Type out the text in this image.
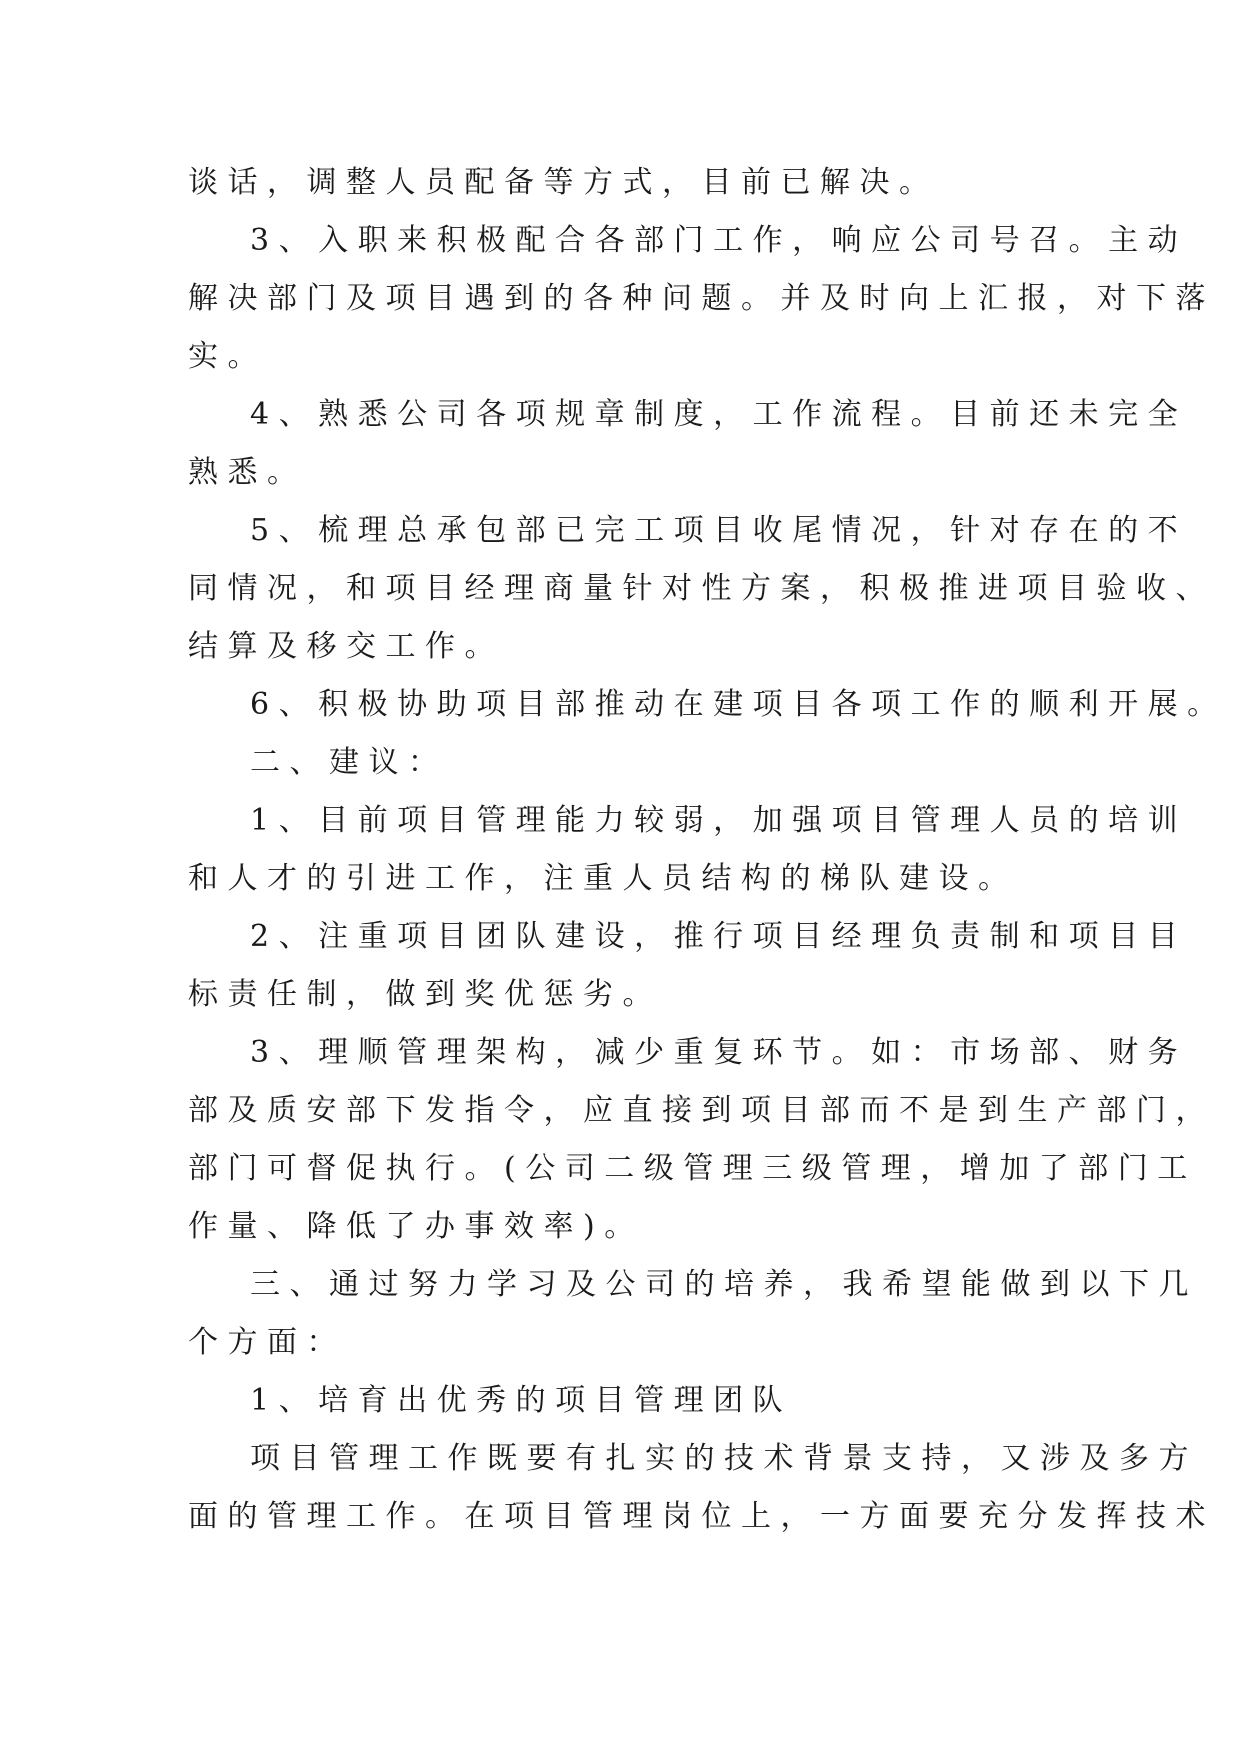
谈话，调整人员配备等方式，目前已解决。

3、入职来积极配合各部门工作，响应公司号召。主动

解决部门及项目遇到的各种问题。并及时向上汇报，对下落

实。

4、熟悉公司各项规章制度，工作流程。目前还未完全

熟悉。

5、梳理总承包部已完工项目收尾情况，针对存在的不

同情况，和项目经理商量针对性方案，积极推进项目验收、

结算及移交工作。

6、积极协助项目部推动在建项目各项工作的顺利开展。

二、建议：

1、目前项目管理能力较弱，加强项目管理人员的培训

和人才的引进工作，注重人员结构的梯队建设。

2、注重项目团队建设，推行项目经理负责制和项目目

标责任制，做到奖优惩劣。

3、理顺管理架构，减少重复环节。如：市场部、财务

部及质安部下发指令，应直接到项目部而不是到生产部门，

部门可督促执行。(公司二级管理三级管理，增加了部门工

作量、降低了办事效率)。

三、通过努力学习及公司的培养，我希望能做到以下几

个方面：

1、培育出优秀的项目管理团队

项目管理工作既要有扎实的技术背景支持，又涉及多方

面的管理工作。在项目管理岗位上，一方面要充分发挥技术
